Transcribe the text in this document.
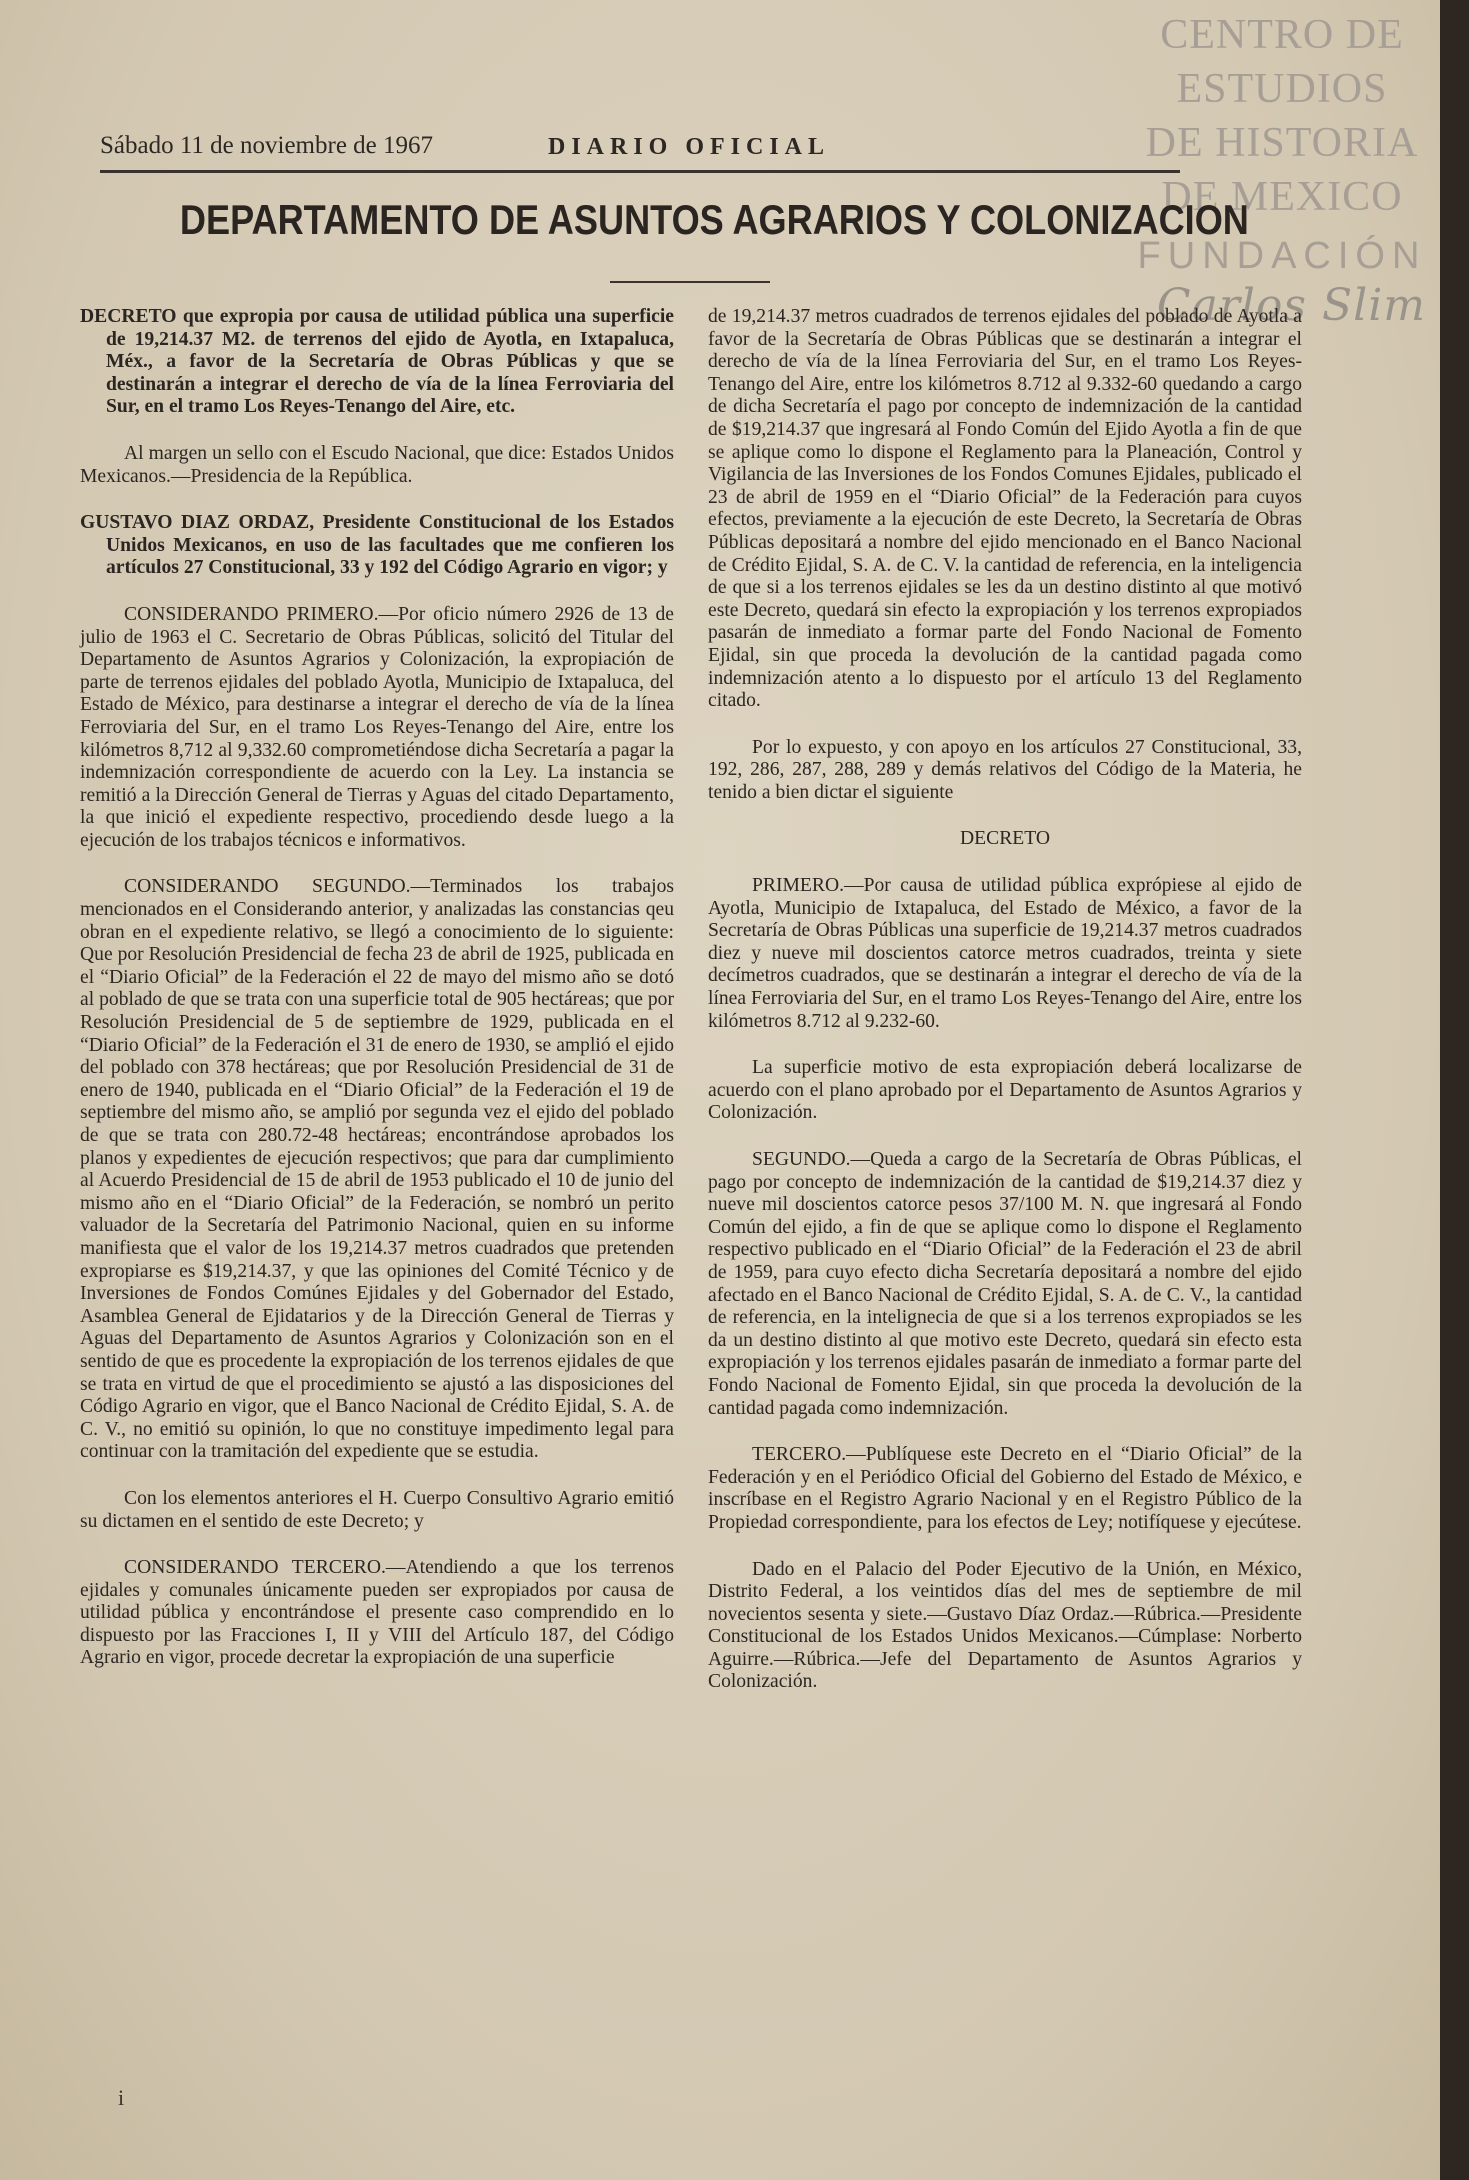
CENTRO DE
ESTUDIOS
DE HISTORIA
DE MEXICO
FUNDACIÓN
Carlos Slim
Sábado 11 de noviembre de 1967	DIARIO OFICIAL
DEPARTAMENTO DE ASUNTOS AGRARIOS Y COLONIZACION

DECRETO que expropia por causa de utilidad pública una superficie de 19,214.37 M2. de terrenos del ejido de Ayotla, en Ixtapaluca, Méx., a favor de la Secretaría de Obras Públicas y que se destinarán a integrar el derecho de vía de la línea Ferroviaria del Sur, en el tramo Los Reyes-Tenango del Aire, etc.

Al margen un sello con el Escudo Nacional, que dice: Estados Unidos Mexicanos.—Presidencia de la República.

GUSTAVO DIAZ ORDAZ, Presidente Constitucional de los Estados Unidos Mexicanos, en uso de las facultades que me confieren los artículos 27 Constitucional, 33 y 192 del Código Agrario en vigor; y

CONSIDERANDO PRIMERO.—Por oficio número 2926 de 13 de julio de 1963 el C. Secretario de Obras Públicas, solicitó del Titular del Departamento de Asuntos Agrarios y Colonización, la expropiación de parte de terrenos ejidales del poblado Ayotla, Municipio de Ixtapaluca, del Estado de México, para destinarse a integrar el derecho de vía de la línea Ferroviaria del Sur, en el tramo Los Reyes-Tenango del Aire, entre los kilómetros 8,712 al 9,332.60 comprometiéndose dicha Secretaría a pagar la indemnización correspondiente de acuerdo con la Ley. La instancia se remitió a la Dirección General de Tierras y Aguas del citado Departamento, la que inició el expediente respectivo, procediendo desde luego a la ejecución de los trabajos técnicos e informativos.

CONSIDERANDO SEGUNDO.—Terminados los trabajos mencionados en el Considerando anterior, y analizadas las constancias qeu obran en el expediente relativo, se llegó a conocimiento de lo siguiente: Que por Resolución Presidencial de fecha 23 de abril de 1925, publicada en el “Diario Oficial” de la Federación el 22 de mayo del mismo año se dotó al poblado de que se trata con una superficie total de 905 hectáreas; que por Resolución Presidencial de 5 de septiembre de 1929, publicada en el “Diario Oficial” de la Federación el 31 de enero de 1930, se amplió el ejido del poblado con 378 hectáreas; que por Resolución Presidencial de 31 de enero de 1940, publicada en el “Diario Oficial” de la Federación el 19 de septiembre del mismo año, se amplió por segunda vez el ejido del poblado de que se trata con 280.72-48 hectáreas; encontrándose aprobados los planos y expedientes de ejecución respectivos; que para dar cumplimiento al Acuerdo Presidencial de 15 de abril de 1953 publicado el 10 de junio del mismo año en el “Diario Oficial” de la Federación, se nombró un perito valuador de la Secretaría del Patrimonio Nacional, quien en su informe manifiesta que el valor de los 19,214.37 metros cuadrados que pretenden expropiarse es $19,214.37, y que las opiniones del Comité Técnico y de Inversiones de Fondos Comúnes Ejidales y del Gobernador del Estado, Asamblea General de Ejidatarios y de la Dirección General de Tierras y Aguas del Departamento de Asuntos Agrarios y Colonización son en el sentido de que es procedente la expropiación de los terrenos ejidales de que se trata en virtud de que el procedimiento se ajustó a las disposiciones del Código Agrario en vigor, que el Banco Nacional de Crédito Ejidal, S. A. de C. V., no emitió su opinión, lo que no constituye impedimento legal para continuar con la tramitación del expediente que se estudia.

Con los elementos anteriores el H. Cuerpo Consultivo Agrario emitió su dictamen en el sentido de este Decreto; y

CONSIDERANDO TERCERO.—Atendiendo a que los terrenos ejidales y comunales únicamente pueden ser expropiados por causa de utilidad pública y encontrándose el presente caso comprendido en lo dispuesto por las Fracciones I, II y VIII del Artículo 187, del Código Agrario en vigor, procede decretar la expropiación de una superficie

de 19,214.37 metros cuadrados de terrenos ejidales del poblado de Ayotla a favor de la Secretaría de Obras Públicas que se destinarán a integrar el derecho de vía de la línea Ferroviaria del Sur, en el tramo Los Reyes-Tenango del Aire, entre los kilómetros 8.712 al 9.332-60 quedando a cargo de dicha Secretaría el pago por concepto de indemnización de la cantidad de $19,214.37 que ingresará al Fondo Común del Ejido Ayotla a fin de que se aplique como lo dispone el Reglamento para la Planeación, Control y Vigilancia de las Inversiones de los Fondos Comunes Ejidales, publicado el 23 de abril de 1959 en el “Diario Oficial” de la Federación para cuyos efectos, previamente a la ejecución de este Decreto, la Secretaría de Obras Públicas depositará a nombre del ejido mencionado en el Banco Nacional de Crédito Ejidal, S. A. de C. V. la cantidad de referencia, en la inteligencia de que si a los terrenos ejidales se les da un destino distinto al que motivó este Decreto, quedará sin efecto la expropiación y los terrenos expropiados pasarán de inmediato a formar parte del Fondo Nacional de Fomento Ejidal, sin que proceda la devolución de la cantidad pagada como indemnización atento a lo dispuesto por el artículo 13 del Reglamento citado.

Por lo expuesto, y con apoyo en los artículos 27 Constitucional, 33, 192, 286, 287, 288, 289 y demás relativos del Código de la Materia, he tenido a bien dictar el siguiente

DECRETO

PRIMERO.—Por causa de utilidad pública exprópiese al ejido de Ayotla, Municipio de Ixtapaluca, del Estado de México, a favor de la Secretaría de Obras Públicas una superficie de 19,214.37 metros cuadrados diez y nueve mil doscientos catorce metros cuadrados, treinta y siete decímetros cuadrados, que se destinarán a integrar el derecho de vía de la línea Ferroviaria del Sur, en el tramo Los Reyes-Tenango del Aire, entre los kilómetros 8.712 al 9.232-60.

La superficie motivo de esta expropiación deberá localizarse de acuerdo con el plano aprobado por el Departamento de Asuntos Agrarios y Colonización.

SEGUNDO.—Queda a cargo de la Secretaría de Obras Públicas, el pago por concepto de indemnización de la cantidad de $19,214.37 diez y nueve mil doscientos catorce pesos 37/100 M. N. que ingresará al Fondo Común del ejido, a fin de que se aplique como lo dispone el Reglamento respectivo publicado en el “Diario Oficial” de la Federación el 23 de abril de 1959, para cuyo efecto dicha Secretaría depositará a nombre del ejido afectado en el Banco Nacional de Crédito Ejidal, S. A. de C. V., la cantidad de referencia, en la intelignecia de que si a los terrenos expropiados se les da un destino distinto al que motivo este Decreto, quedará sin efecto esta expropiación y los terrenos ejidales pasarán de inmediato a formar parte del Fondo Nacional de Fomento Ejidal, sin que proceda la devolución de la cantidad pagada como indemnización.

TERCERO.—Publíquese este Decreto en el “Diario Oficial” de la Federación y en el Periódico Oficial del Gobierno del Estado de México, e inscríbase en el Registro Agrario Nacional y en el Registro Público de la Propiedad correspondiente, para los efectos de Ley; notifíquese y ejecútese.

Dado en el Palacio del Poder Ejecutivo de la Unión, en México, Distrito Federal, a los veintidos días del mes de septiembre de mil novecientos sesenta y siete.—Gustavo Díaz Ordaz.—Rúbrica.—Presidente Constitucional de los Estados Unidos Mexicanos.—Cúmplase: Norberto Aguirre.—Rúbrica.—Jefe del Departamento de Asuntos Agrarios y Colonización.

i
